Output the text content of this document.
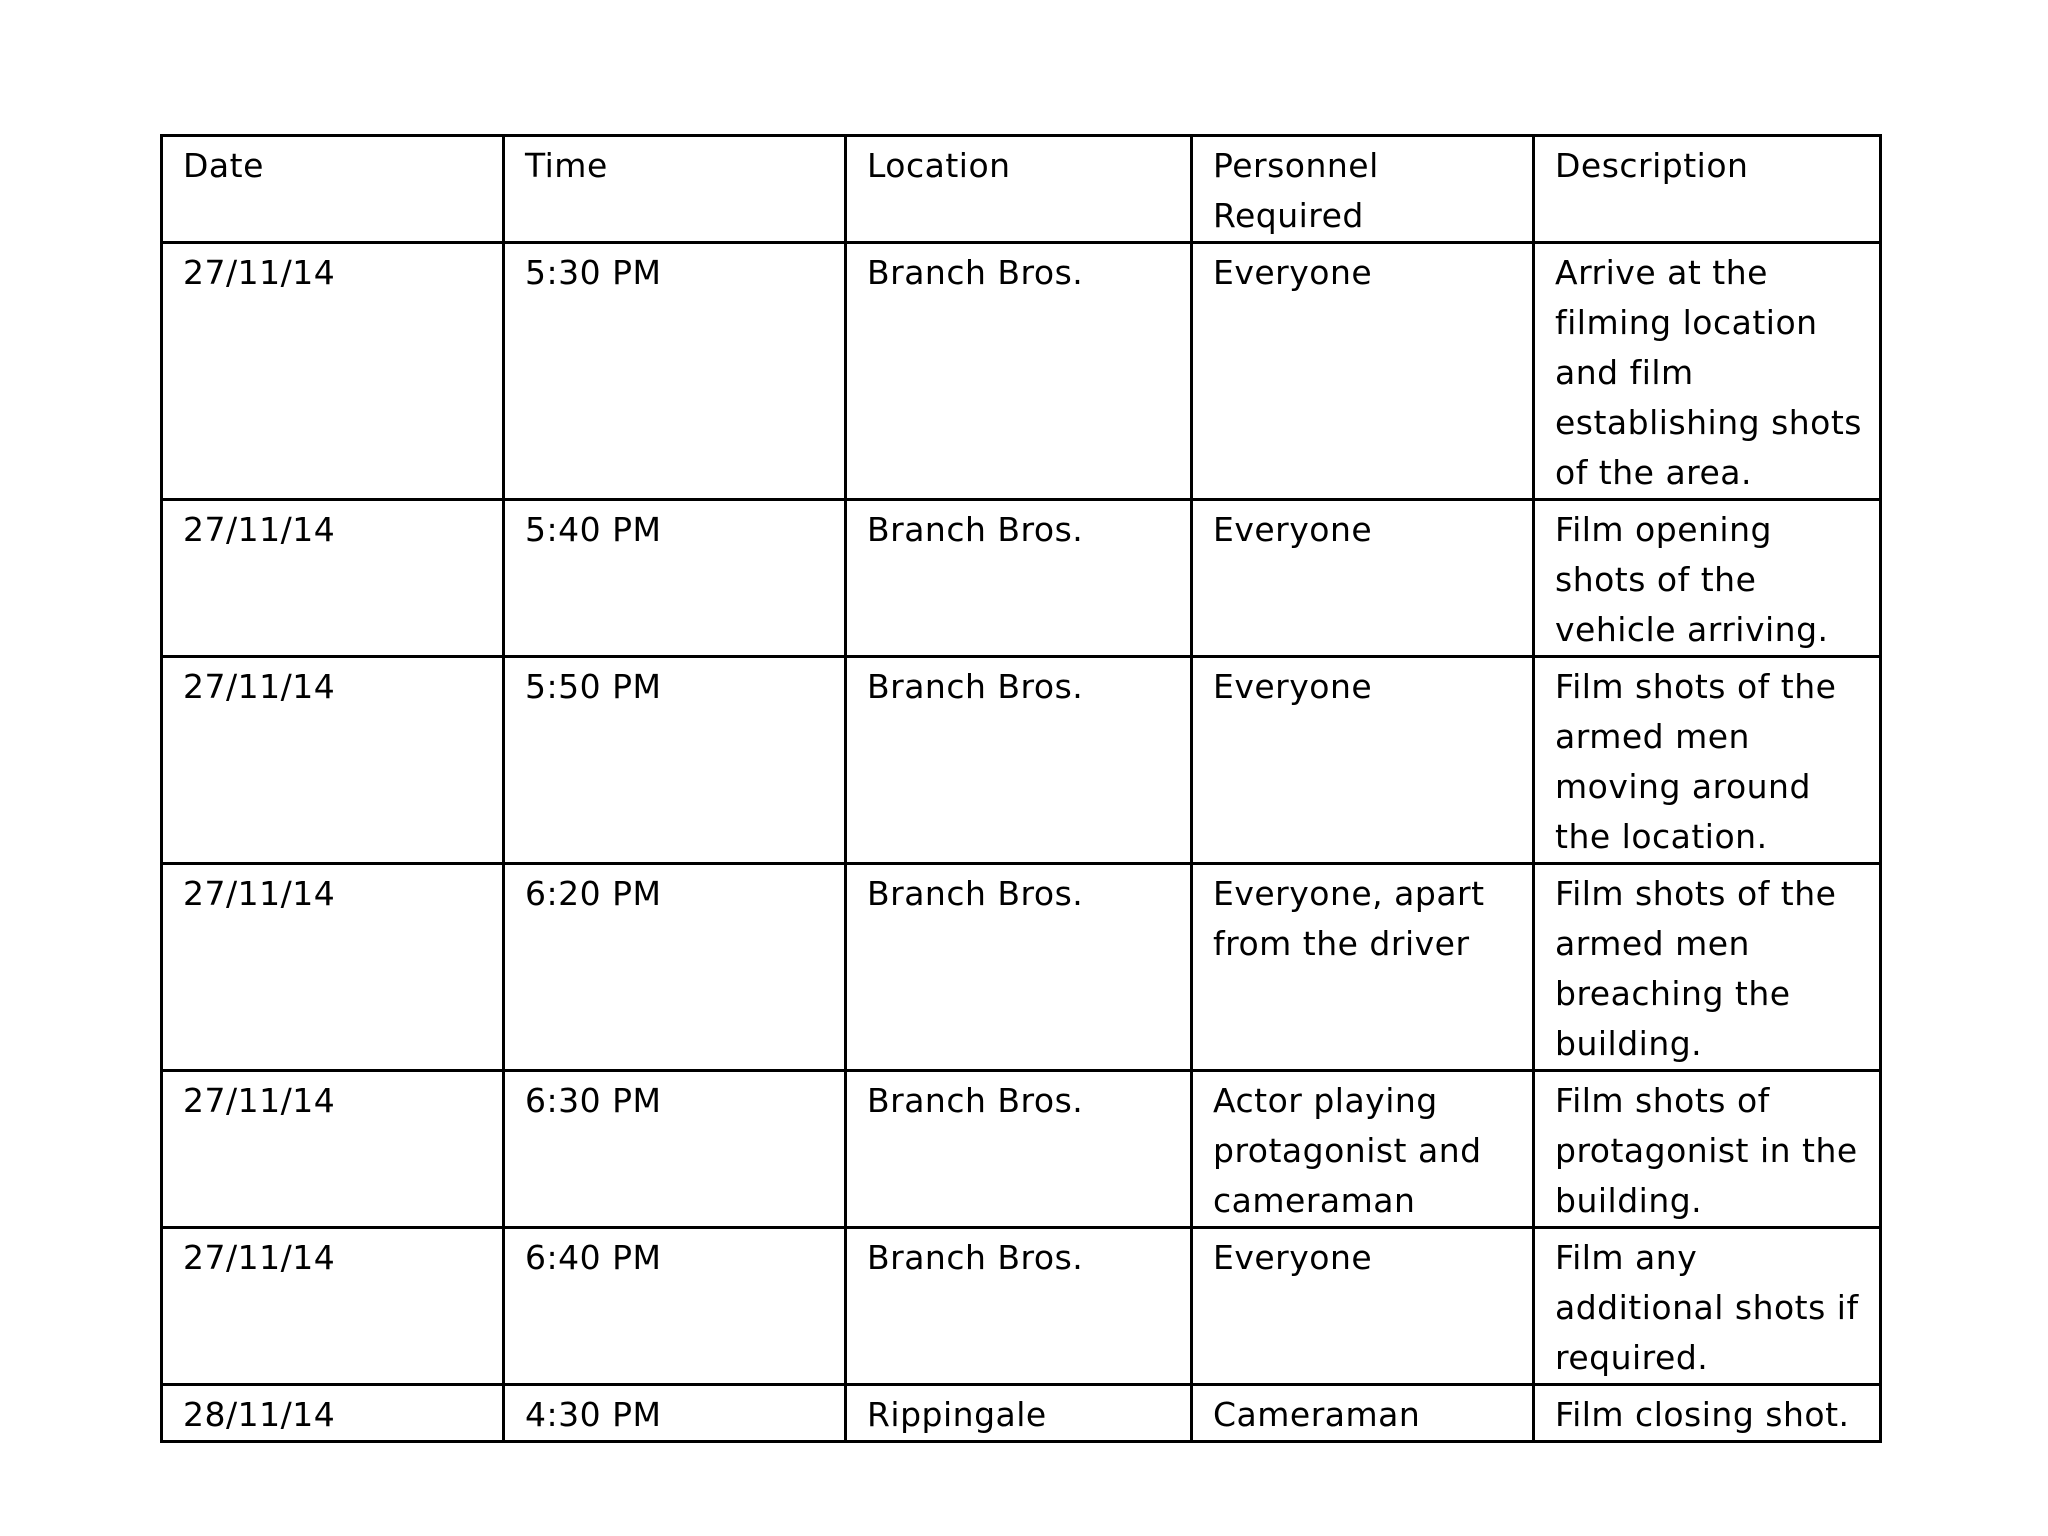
Date	Time	Location	Personnel Required	Description
27/11/14	5:30 PM	Branch Bros.	Everyone	Arrive at the filming location and film establishing shots of the area.
27/11/14	5:40 PM	Branch Bros.	Everyone	Film opening shots of the vehicle arriving.
27/11/14	5:50 PM	Branch Bros.	Everyone	Film shots of the armed men moving around the location.
27/11/14	6:20 PM	Branch Bros.	Everyone, apart from the driver	Film shots of the armed men breaching the building.
27/11/14	6:30 PM	Branch Bros.	Actor playing protagonist and cameraman	Film shots of protagonist in the building.
27/11/14	6:40 PM	Branch Bros.	Everyone	Film any additional shots if required.
28/11/14	4:30 PM	Rippingale	Cameraman	Film closing shot.
